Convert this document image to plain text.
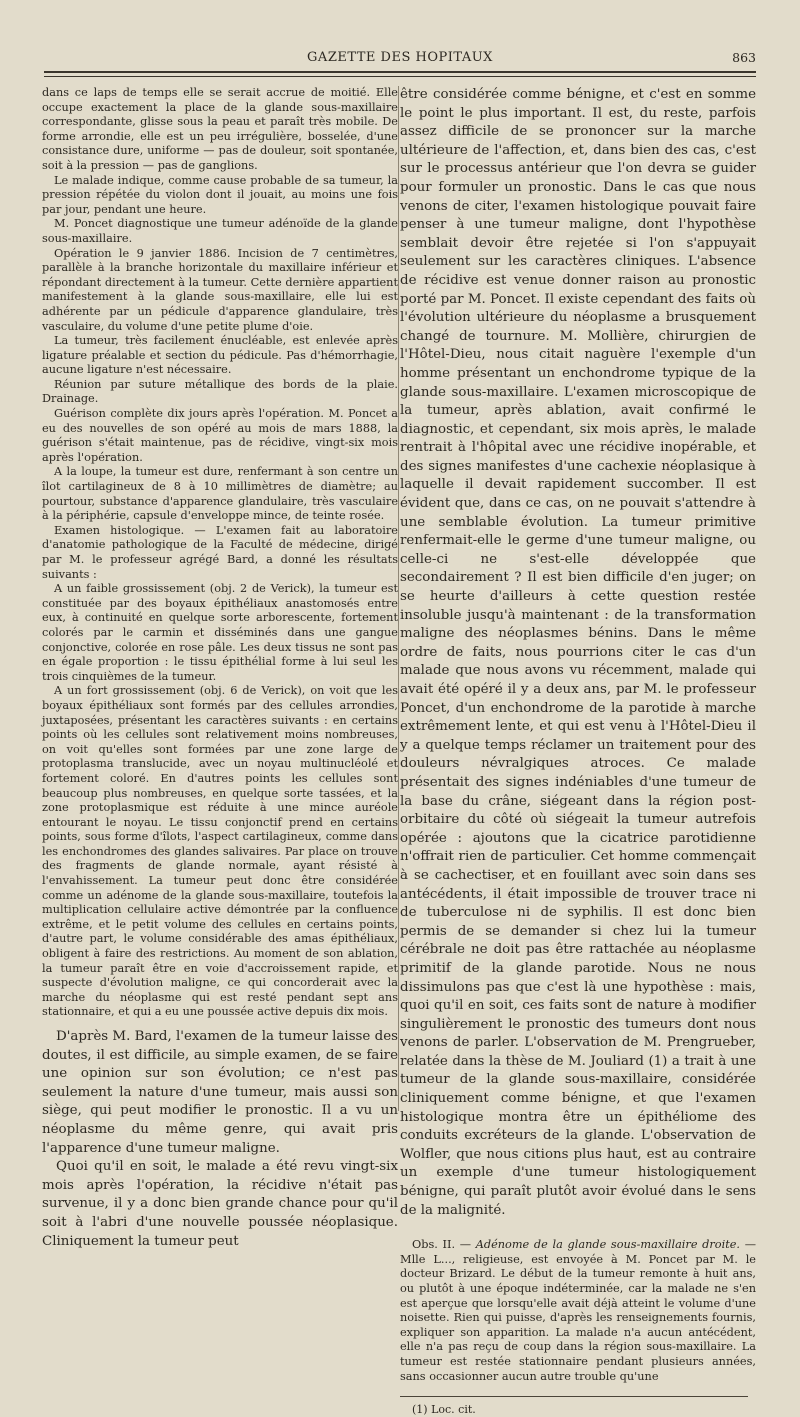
GAZETTE DES HOPITAUX	863

dans ce laps de temps elle se serait accrue de moitié. Elle occupe exactement la place de la glande sous-maxillaire correspondante, glisse sous la peau et paraît très mobile. De forme arrondie, elle est un peu irrégulière, bosselée, d'une consistance dure, uniforme — pas de douleur, soit spontanée, soit à la pression — pas de ganglions.

Le malade indique, comme cause probable de sa tumeur, la pression répétée du violon dont il jouait, au moins une fois par jour, pendant une heure.

M. Poncet diagnostique une tumeur adénoïde de la glande sous-maxillaire.

Opération le 9 janvier 1886. Incision de 7 centimètres, parallèle à la branche horizontale du maxillaire inférieur et répondant directement à la tumeur. Cette dernière appartient manifestement à la glande sous-maxillaire, elle lui est adhérente par un pédicule d'apparence glandulaire, très vasculaire, du volume d'une petite plume d'oie.

La tumeur, très facilement énucléable, est enlevée après ligature préalable et section du pédicule. Pas d'hémorrhagie, aucune ligature n'est nécessaire.

Réunion par suture métallique des bords de la plaie. Drainage.

Guérison complète dix jours après l'opération. M. Poncet a eu des nouvelles de son opéré au mois de mars 1888, la guérison s'était maintenue, pas de récidive, vingt-six mois après l'opération.

A la loupe, la tumeur est dure, renfermant à son centre un îlot cartilagineux de 8 à 10 millimètres de diamètre; au pourtour, substance d'apparence glandulaire, très vasculaire à la périphérie, capsule d'enveloppe mince, de teinte rosée.

Examen histologique. — L'examen fait au laboratoire d'anatomie pathologique de la Faculté de médecine, dirigé par M. le professeur agrégé Bard, a donné les résultats suivants :

A un faible grossissement (obj. 2 de Verick), la tumeur est constituée par des boyaux épithéliaux anastomosés entre eux, à continuité en quelque sorte arborescente, fortement colorés par le carmin et disséminés dans une gangue conjonctive, colorée en rose pâle. Les deux tissus ne sont pas en égale proportion : le tissu épithélial forme à lui seul les trois cinquièmes de la tumeur.

A un fort grossissement (obj. 6 de Verick), on voit que les boyaux épithéliaux sont formés par des cellules arrondies, juxtaposées, présentant les caractères suivants : en certains points où les cellules sont relativement moins nombreuses, on voit qu'elles sont formées par une zone large de protoplasma translucide, avec un noyau multinucléolé et fortement coloré. En d'autres points les cellules sont beaucoup plus nombreuses, en quelque sorte tassées, et la zone protoplasmique est réduite à une mince auréole entourant le noyau. Le tissu conjonctif prend en certains points, sous forme d'îlots, l'aspect cartilagineux, comme dans les enchondromes des glandes salivaires. Par place on trouve des fragments de glande normale, ayant résisté à l'envahissement. La tumeur peut donc être considérée comme un adénome de la glande sous-maxillaire, toutefois la multiplication cellulaire active démontrée par la confluence extrême, et le petit volume des cellules en certains points, d'autre part, le volume considérable des amas épithéliaux, obligent à faire des restrictions. Au moment de son ablation, la tumeur paraît être en voie d'accroissement rapide, et suspecte d'évolution maligne, ce qui concorderait avec la marche du néoplasme qui est resté pendant sept ans stationnaire, et qui a eu une poussée active depuis dix mois.

D'après M. Bard, l'examen de la tumeur laisse des doutes, il est difficile, au simple examen, de se faire une opinion sur son évolution; ce n'est pas seulement la nature d'une tumeur, mais aussi son siège, qui peut modifier le pronostic. Il a vu un néoplasme du même genre, qui avait pris l'apparence d'une tumeur maligne.

Quoi qu'il en soit, le malade a été revu vingt-six mois après l'opération, la récidive n'était pas survenue, il y a donc bien grande chance pour qu'il soit à l'abri d'une nouvelle poussée néoplasique. Cliniquement la tumeur peut

être considérée comme bénigne, et c'est en somme le point le plus important. Il est, du reste, parfois assez difficile de se prononcer sur la marche ultérieure de l'affection, et, dans bien des cas, c'est sur le processus antérieur que l'on devra se guider pour formuler un pronostic. Dans le cas que nous venons de citer, l'examen histologique pouvait faire penser à une tumeur maligne, dont l'hypothèse semblait devoir être rejetée si l'on s'appuyait seulement sur les caractères cliniques. L'absence de récidive est venue donner raison au pronostic porté par M. Poncet. Il existe cependant des faits où l'évolution ultérieure du néoplasme a brusquement changé de tournure. M. Mollière, chirurgien de l'Hôtel-Dieu, nous citait naguère l'exemple d'un homme présentant un enchondrome typique de la glande sous-maxillaire. L'examen microscopique de la tumeur, après ablation, avait confirmé le diagnostic, et cependant, six mois après, le malade rentrait à l'hôpital avec une récidive inopérable, et des signes manifestes d'une cachexie néoplasique à laquelle il devait rapidement succomber. Il est évident que, dans ce cas, on ne pouvait s'attendre à une semblable évolution. La tumeur primitive renfermait-elle le germe d'une tumeur maligne, ou celle-ci ne s'est-elle développée que secondairement ? Il est bien difficile d'en juger; on se heurte d'ailleurs à cette question restée insoluble jusqu'à maintenant : de la transformation maligne des néoplasmes bénins. Dans le même ordre de faits, nous pourrions citer le cas d'un malade que nous avons vu récemment, malade qui avait été opéré il y a deux ans, par M. le professeur Poncet, d'un enchondrome de la parotide à marche extrêmement lente, et qui est venu à l'Hôtel-Dieu il y a quelque temps réclamer un traitement pour des douleurs névralgiques atroces. Ce malade présentait des signes indéniables d'une tumeur de la base du crâne, siégeant dans la région post-orbitaire du côté où siégeait la tumeur autrefois opérée : ajoutons que la cicatrice parotidienne n'offrait rien de particulier. Cet homme commençait à se cachectiser, et en fouillant avec soin dans ses antécédents, il était impossible de trouver trace ni de tuberculose ni de syphilis. Il est donc bien permis de se demander si chez lui la tumeur cérébrale ne doit pas être rattachée au néoplasme primitif de la glande parotide. Nous ne nous dissimulons pas que c'est là une hypothèse : mais, quoi qu'il en soit, ces faits sont de nature à modifier singulièrement le pronostic des tumeurs dont nous venons de parler. L'observation de M. Prengrueber, relatée dans la thèse de M. Jouliard (1) a trait à une tumeur de la glande sous-maxillaire, considérée cliniquement comme bénigne, et que l'examen histologique montra être un épithéliome des conduits excréteurs de la glande. L'observation de Wolfler, que nous citions plus haut, est au contraire un exemple d'une tumeur histologiquement bénigne, qui paraît plutôt avoir évolué dans le sens de la malignité.

Obs. II. — Adénome de la glande sous-maxillaire droite. — Mlle L..., religieuse, est envoyée à M. Poncet par M. le docteur Brizard. Le début de la tumeur remonte à huit ans, ou plutôt à une époque indéterminée, car la malade ne s'en est aperçue que lorsqu'elle avait déjà atteint le volume d'une noisette. Rien qui puisse, d'après les renseignements fournis, expliquer son apparition. La malade n'a aucun antécédent, elle n'a pas reçu de coup dans la région sous-maxillaire. La tumeur est restée stationnaire pendant plusieurs années, sans occasionner aucun autre trouble qu'une

(1) Loc. cit.
